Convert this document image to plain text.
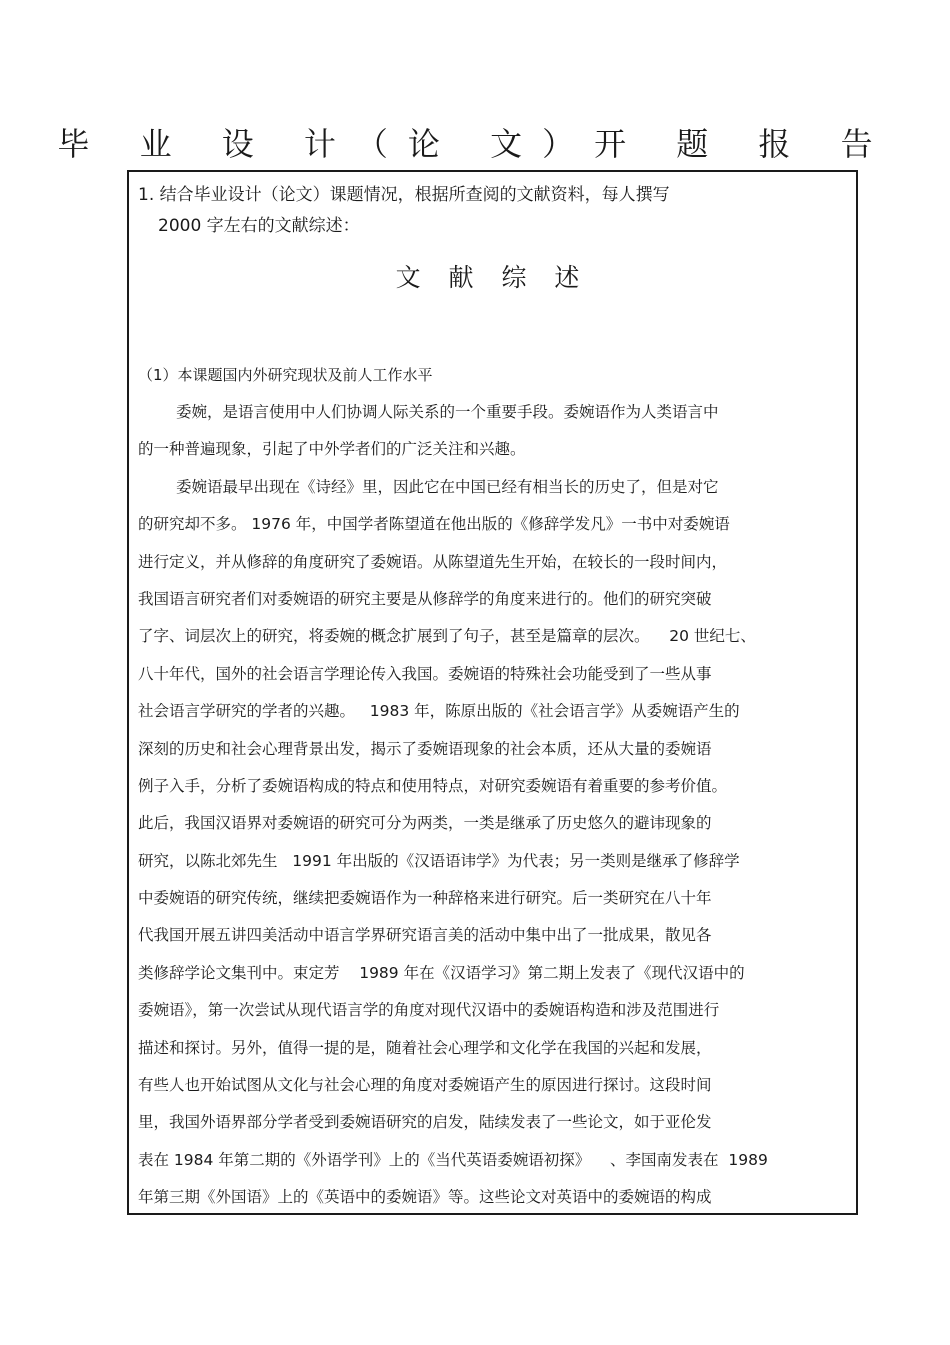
毕 业 设 计（论 文）开 题 报 告
1. 结合毕业设计（论文）课题情况，根据所查阅的文献资料，每人撰写
2000 字左右的文献综述：
文 献 综 述
（1）本课题国内外研究现状及前人工作水平
委婉，是语言使用中人们协调人际关系的一个重要手段。委婉语作为人类语言中
的一种普遍现象，引起了中外学者们的广泛关注和兴趣。
委婉语最早出现在《诗经》里，因此它在中国已经有相当长的历史了，但是对它
的研究却不多。 1976 年，中国学者陈望道在他出版的《修辞学发凡》一书中对委婉语
进行定义，并从修辞的角度研究了委婉语。从陈望道先生开始，在较长的一段时间内，
我国语言研究者们对委婉语的研究主要是从修辞学的角度来进行的。他们的研究突破
了字、词层次上的研究，将委婉的概念扩展到了句子，甚至是篇章的层次。    20 世纪七、
八十年代，国外的社会语言学理论传入我国。委婉语的特殊社会功能受到了一些从事
社会语言学研究的学者的兴趣。   1983 年，陈原出版的《社会语言学》从委婉语产生的
深刻的历史和社会心理背景出发，揭示了委婉语现象的社会本质，还从大量的委婉语
例子入手，分析了委婉语构成的特点和使用特点，对研究委婉语有着重要的参考价值。
此后，我国汉语界对委婉语的研究可分为两类，一类是继承了历史悠久的避讳现象的
研究，以陈北郊先生   1991 年出版的《汉语语讳学》为代表；另一类则是继承了修辞学
中委婉语的研究传统，继续把委婉语作为一种辞格来进行研究。后一类研究在八十年
代我国开展五讲四美活动中语言学界研究语言美的活动中集中出了一批成果，散见各
类修辞学论文集刊中。束定芳    1989 年在《汉语学习》第二期上发表了《现代汉语中的
委婉语》，第一次尝试从现代语言学的角度对现代汉语中的委婉语构造和涉及范围进行
描述和探讨。另外，值得一提的是，随着社会心理学和文化学在我国的兴起和发展，
有些人也开始试图从文化与社会心理的角度对委婉语产生的原因进行探讨。这段时间
里，我国外语界部分学者受到委婉语研究的启发，陆续发表了一些论文，如于亚伦发
表在 1984 年第二期的《外语学刊》上的《当代英语委婉语初探》    、李国南发表在  1989
年第三期《外国语》上的《英语中的委婉语》等。这些论文对英语中的委婉语的构成
